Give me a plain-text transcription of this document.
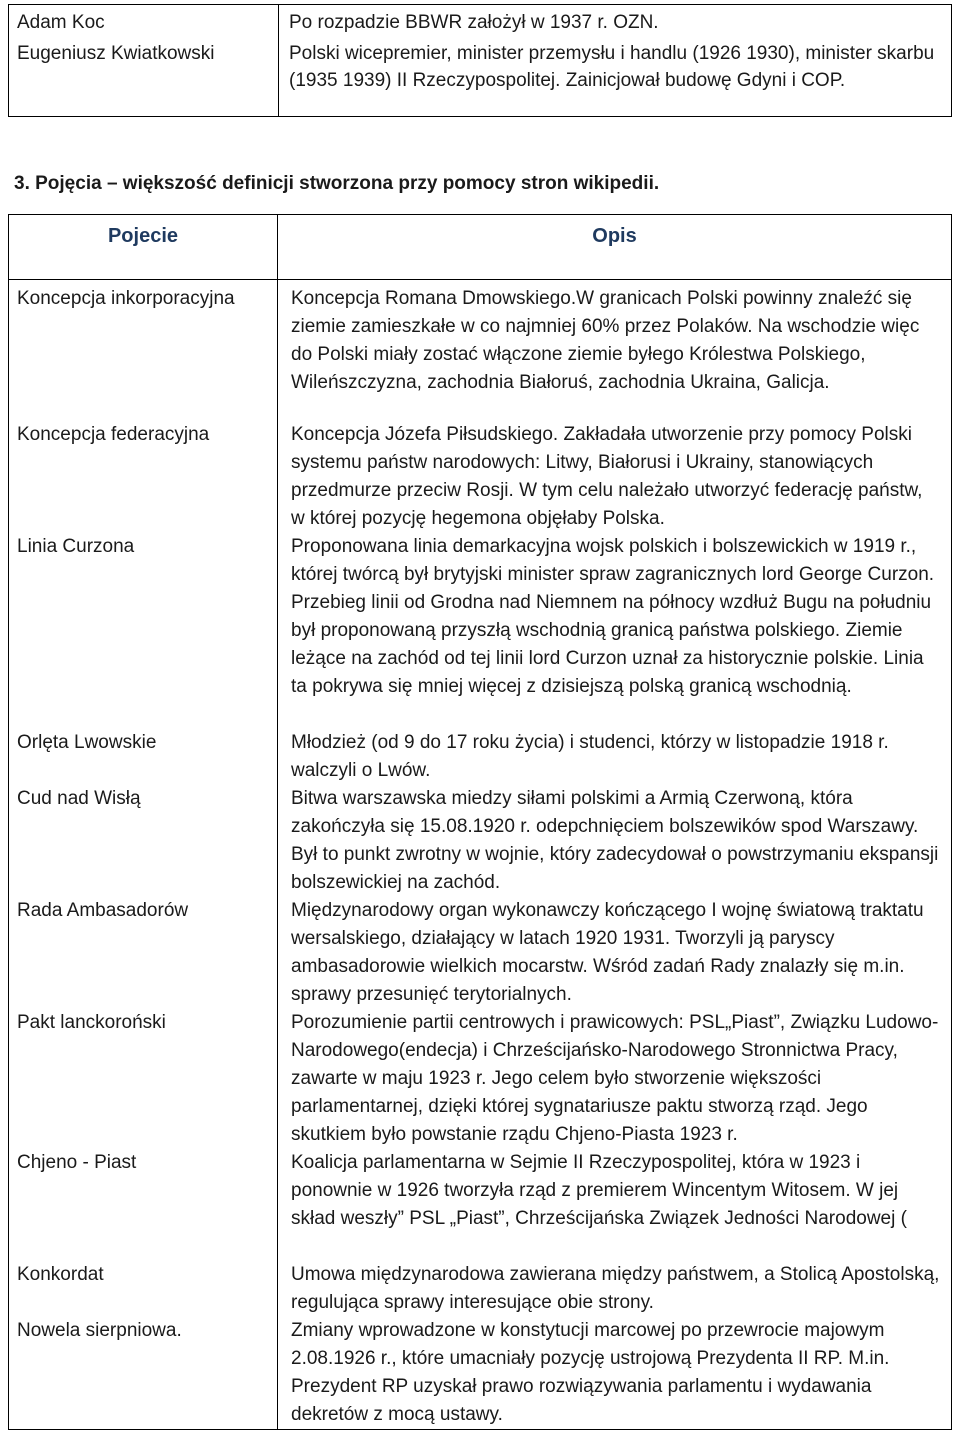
Adam Koc	Po rozpadzie BBWR założył w 1937 r. OZN.
Eugeniusz Kwiatkowski	Polski wicepremier, minister przemysłu i handlu (1926 1930), minister skarbu (1935 1939) II Rzeczypospolitej. Zainicjował budowę Gdyni i COP.
3. Pojęcia – większość definicji stworzona przy pomocy stron wikipedii.
Pojecie	Opis
Koncepcja inkorporacyjna	Koncepcja Romana Dmowskiego.W granicach Polski powinny znaleźć się ziemie zamieszkałe w co najmniej 60% przez Polaków. Na wschodzie więc do Polski miały zostać włączone ziemie byłego Królestwa Polskiego, Wileńszczyzna, zachodnia Białoruś, zachodnia Ukraina, Galicja.
Koncepcja federacyjna	Koncepcja Józefa Piłsudskiego. Zakładała utworzenie przy pomocy Polski systemu państw narodowych: Litwy, Białorusi i Ukrainy, stanowiących przedmurze przeciw Rosji. W tym celu należało utworzyć federację państw, w której pozycję hegemona objęłaby Polska.
Linia Curzona	Proponowana linia demarkacyjna wojsk polskich i bolszewickich w 1919 r., której twórcą był brytyjski minister spraw zagranicznych lord George Curzon. Przebieg linii od Grodna nad Niemnem na północy wzdłuż Bugu na południu był proponowaną przyszłą wschodnią granicą państwa polskiego. Ziemie leżące na zachód od tej linii lord Curzon uznał za historycznie polskie. Linia ta pokrywa się mniej więcej z dzisiejszą polską granicą wschodnią.
Orlęta Lwowskie	Młodzież (od 9 do 17 roku życia) i studenci, którzy w listopadzie 1918 r. walczyli o Lwów.
Cud nad Wisłą	Bitwa warszawska miedzy siłami polskimi a Armią Czerwoną, która zakończyła się 15.08.1920 r. odepchnięciem bolszewików spod Warszawy. Był to punkt zwrotny w wojnie, który zadecydował o powstrzymaniu ekspansji bolszewickiej na zachód.
Rada Ambasadorów	Międzynarodowy organ wykonawczy kończącego I wojnę światową traktatu wersalskiego, działający w latach 1920 1931. Tworzyli ją paryscy ambasadorowie wielkich mocarstw. Wśród zadań Rady znalazły się m.in. sprawy przesunięć terytorialnych.
Pakt lanckoroński	Porozumienie partii centrowych i prawicowych: PSL„Piast”, Związku Ludowo-Narodowego(endecja) i Chrześcijańsko-Narodowego Stronnictwa Pracy, zawarte w maju 1923 r. Jego celem było stworzenie większości parlamentarnej, dzięki której sygnatariusze paktu stworzą rząd. Jego skutkiem było powstanie rządu Chjeno-Piasta 1923 r.
Chjeno - Piast	Koalicja parlamentarna w Sejmie II Rzeczypospolitej, która w 1923 i ponownie w 1926 tworzyła rząd z premierem Wincentym Witosem. W jej skład weszły” PSL „Piast”, Chrześcijańska Związek Jedności Narodowej (
Konkordat	Umowa międzynarodowa zawierana między państwem, a Stolicą Apostolską, regulująca sprawy interesujące obie strony.
Nowela sierpniowa.	Zmiany wprowadzone w konstytucji marcowej po przewrocie majowym 2.08.1926 r., które umacniały pozycję ustrojową Prezydenta II RP. M.in. Prezydent RP uzyskał prawo rozwiązywania parlamentu i wydawania dekretów z mocą ustawy.
